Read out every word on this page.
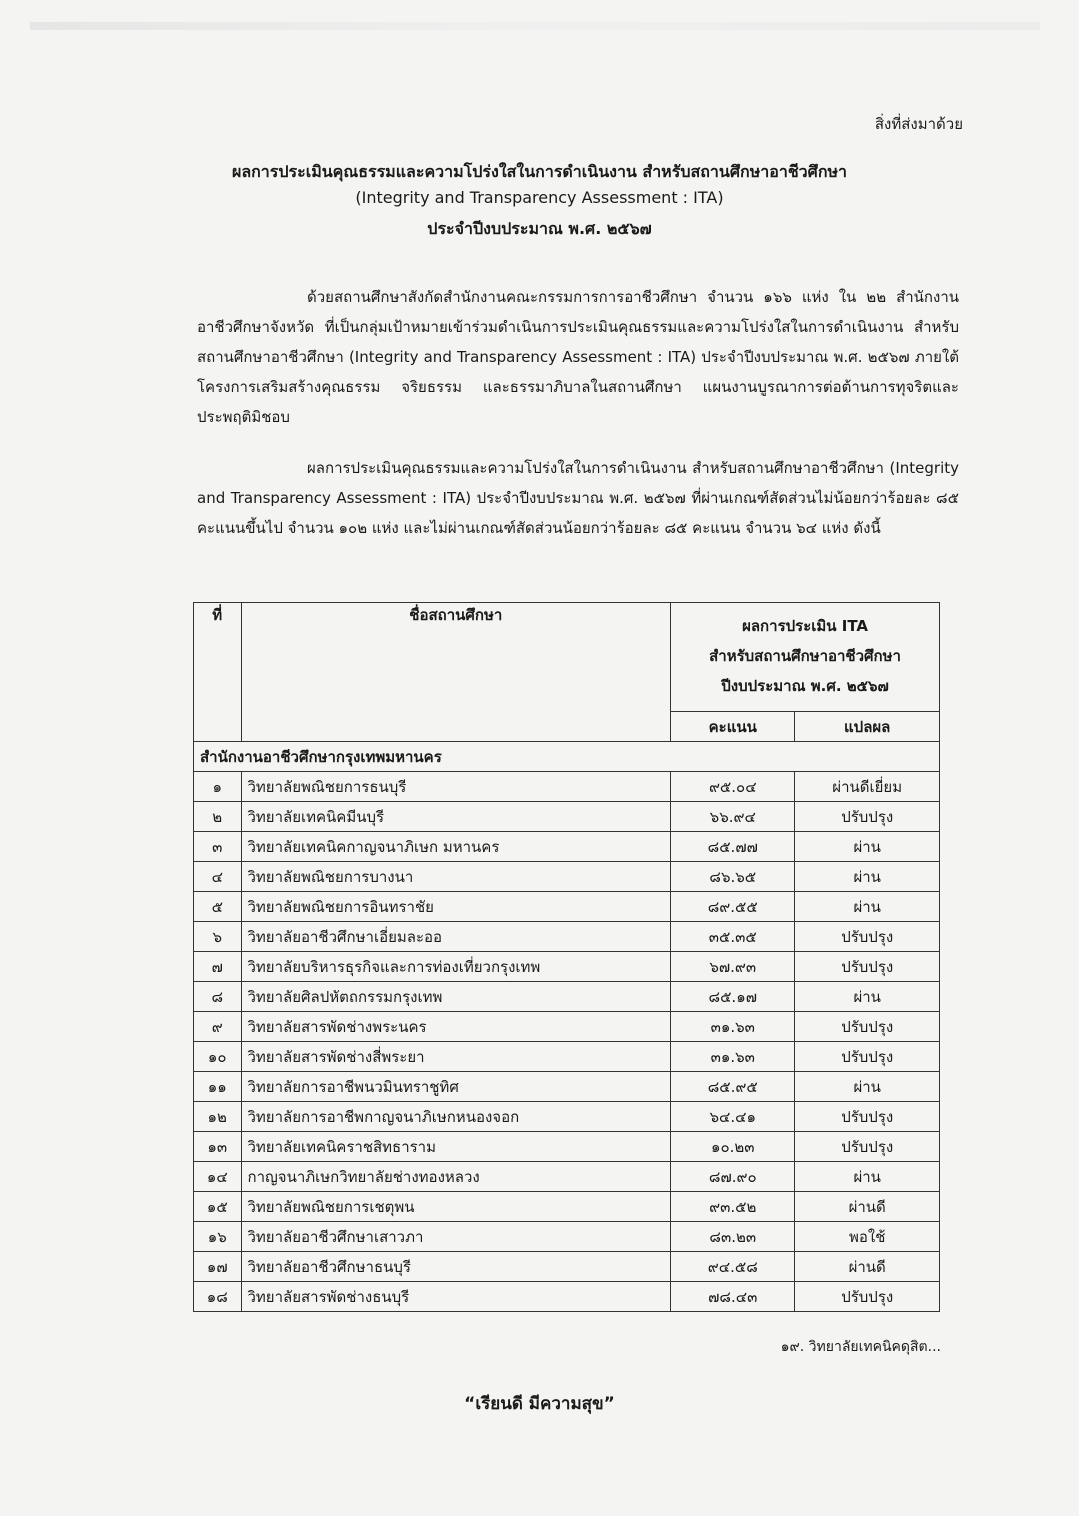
สิ่งที่ส่งมาด้วย
ผลการประเมินคุณธรรมและความโปร่งใสในการดำเนินงาน สำหรับสถานศึกษาอาชีวศึกษา
(Integrity and Transparency Assessment : ITA)
ประจำปีงบประมาณ พ.ศ. ๒๕๖๗
ด้วยสถานศึกษาสังกัดสำนักงานคณะกรรมการการอาชีวศึกษา จำนวน ๑๖๖ แห่ง ใน ๒๒ สำนักงานอาชีวศึกษาจังหวัด ที่เป็นกลุ่มเป้าหมายเข้าร่วมดำเนินการประเมินคุณธรรมและความโปร่งใสในการดำเนินงาน สำหรับสถานศึกษาอาชีวศึกษา (Integrity and Transparency Assessment : ITA) ประจำปีงบประมาณ พ.ศ. ๒๕๖๗ ภายใต้โครงการเสริมสร้างคุณธรรม จริยธรรม และธรรมาภิบาลในสถานศึกษา แผนงานบูรณาการต่อต้านการทุจริตและประพฤติมิชอบ
ผลการประเมินคุณธรรมและความโปร่งใสในการดำเนินงาน สำหรับสถานศึกษาอาชีวศึกษา (Integrity and Transparency Assessment : ITA) ประจำปีงบประมาณ พ.ศ. ๒๕๖๗ ที่ผ่านเกณฑ์สัดส่วนไม่น้อยกว่าร้อยละ ๘๕ คะแนนขึ้นไป จำนวน ๑๐๒ แห่ง และไม่ผ่านเกณฑ์สัดส่วนน้อยกว่าร้อยละ ๘๕ คะแนน จำนวน ๖๔ แห่ง ดังนี้
ที่	ชื่อสถานศึกษา	ผลการประเมิน ITA
สำหรับสถานศึกษาอาชีวศึกษา
ปีงบประมาณ พ.ศ. ๒๕๖๗	

		คะแนน	แปลผล
สำนักงานอาชีวศึกษากรุงเทพมหานคร			
๑	วิทยาลัยพณิชยการธนบุรี	๙๕.๐๔	ผ่านดีเยี่ยม
๒	วิทยาลัยเทคนิคมีนบุรี	๖๖.๙๔	ปรับปรุง
๓	วิทยาลัยเทคนิคกาญจนาภิเษก มหานคร	๘๕.๗๗	ผ่าน
๔	วิทยาลัยพณิชยการบางนา	๘๖.๖๕	ผ่าน
๕	วิทยาลัยพณิชยการอินทราชัย	๘๙.๕๕	ผ่าน
๖	วิทยาลัยอาชีวศึกษาเอี่ยมละออ	๓๕.๓๕	ปรับปรุง
๗	วิทยาลัยบริหารธุรกิจและการท่องเที่ยวกรุงเทพ	๖๗.๙๓	ปรับปรุง
๘	วิทยาลัยศิลปหัตถกรรมกรุงเทพ	๘๕.๑๗	ผ่าน
๙	วิทยาลัยสารพัดช่างพระนคร	๓๑.๖๓	ปรับปรุง
๑๐	วิทยาลัยสารพัดช่างสี่พระยา	๓๑.๖๓	ปรับปรุง
๑๑	วิทยาลัยการอาชีพนวมินทราชูทิศ	๘๕.๙๕	ผ่าน
๑๒	วิทยาลัยการอาชีพกาญจนาภิเษกหนองจอก	๖๔.๔๑	ปรับปรุง
๑๓	วิทยาลัยเทคนิคราชสิทธาราม	๑๐.๒๓	ปรับปรุง
๑๔	กาญจนาภิเษกวิทยาลัยช่างทองหลวง	๘๗.๙๐	ผ่าน
๑๕	วิทยาลัยพณิชยการเชตุพน	๙๓.๕๒	ผ่านดี
๑๖	วิทยาลัยอาชีวศึกษาเสาวภา	๘๓.๒๓	พอใช้
๑๗	วิทยาลัยอาชีวศึกษาธนบุรี	๙๔.๕๘	ผ่านดี
๑๘	วิทยาลัยสารพัดช่างธนบุรี	๗๘.๔๓	ปรับปรุง
๑๙. วิทยาลัยเทคนิคดุสิต...
“เรียนดี มีความสุข”
